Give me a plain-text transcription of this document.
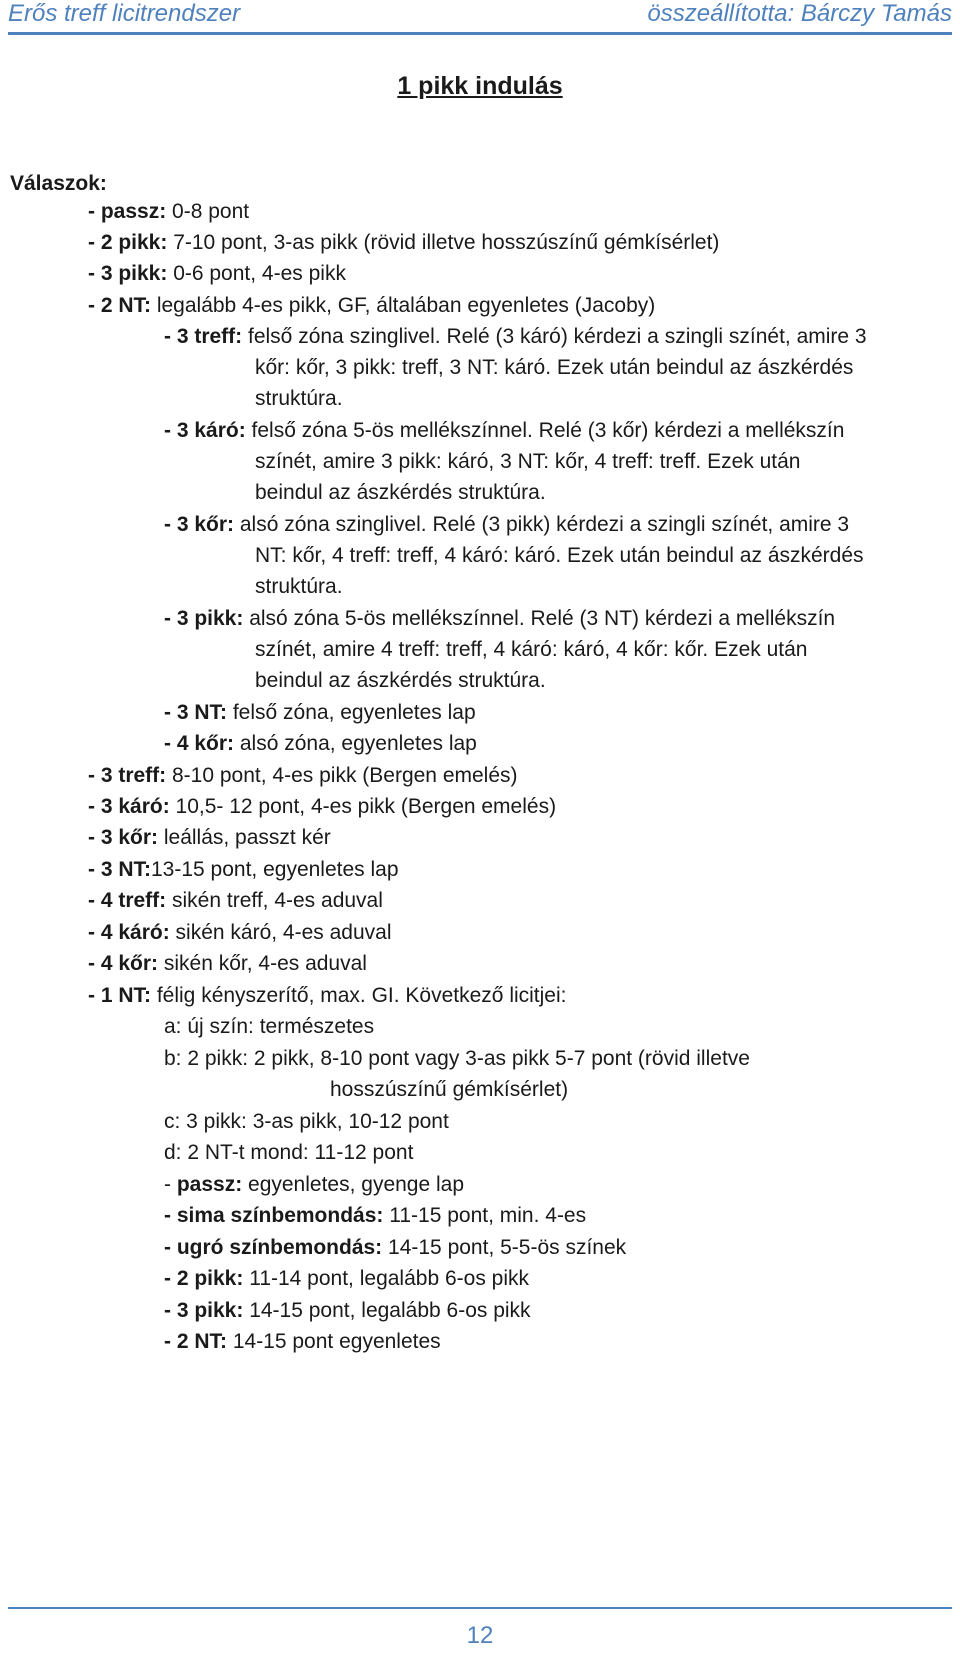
Erős treff licitrendszer	összeállította: Bárczy Tamás
1 pikk indulás
Válaszok:
- passz: 0-8 pont
- 2 pikk: 7-10 pont, 3-as pikk (rövid illetve hosszúszínű gémkísérlet)
- 3 pikk: 0-6 pont, 4-es pikk
- 2 NT: legalább 4-es pikk, GF, általában egyenletes (Jacoby)
- 3 treff: felső zóna szinglivel. Relé (3 káró) kérdezi a szingli színét, amire 3
kőr: kőr, 3 pikk: treff, 3 NT: káró. Ezek után beindul az ászkérdés
struktúra.
- 3 káró: felső zóna 5-ös mellékszínnel. Relé (3 kőr) kérdezi a mellékszín
színét, amire 3 pikk: káró, 3 NT: kőr, 4 treff: treff. Ezek után
beindul az ászkérdés struktúra.
- 3 kőr: alsó zóna szinglivel. Relé (3 pikk) kérdezi a szingli színét, amire 3
NT: kőr, 4 treff: treff, 4 káró: káró. Ezek után beindul az ászkérdés
struktúra.
- 3 pikk: alsó zóna 5-ös mellékszínnel. Relé (3 NT) kérdezi a mellékszín
színét, amire 4 treff: treff, 4 káró: káró, 4 kőr: kőr. Ezek után
beindul az ászkérdés struktúra.
- 3 NT: felső zóna, egyenletes lap
- 4 kőr: alsó zóna, egyenletes lap
- 3 treff: 8-10 pont, 4-es pikk (Bergen emelés)
- 3 káró: 10,5- 12 pont, 4-es pikk (Bergen emelés)
- 3 kőr: leállás, passzt kér
- 3 NT:13-15 pont, egyenletes lap
- 4 treff: sikén treff, 4-es aduval
- 4 káró: sikén káró, 4-es aduval
- 4 kőr: sikén kőr, 4-es aduval
- 1 NT: félig kényszerítő, max. GI. Következő licitjei:
a: új szín: természetes
b: 2 pikk: 2 pikk, 8-10 pont vagy 3-as pikk 5-7 pont (rövid illetve
hosszúszínű gémkísérlet)
c: 3 pikk: 3-as pikk, 10-12 pont
d: 2 NT-t mond: 11-12 pont
- passz: egyenletes, gyenge lap
- sima színbemondás: 11-15 pont, min. 4-es
- ugró színbemondás: 14-15 pont, 5-5-ös színek
- 2 pikk: 11-14 pont, legalább 6-os pikk
- 3 pikk: 14-15 pont, legalább 6-os pikk
- 2 NT: 14-15 pont egyenletes
12
